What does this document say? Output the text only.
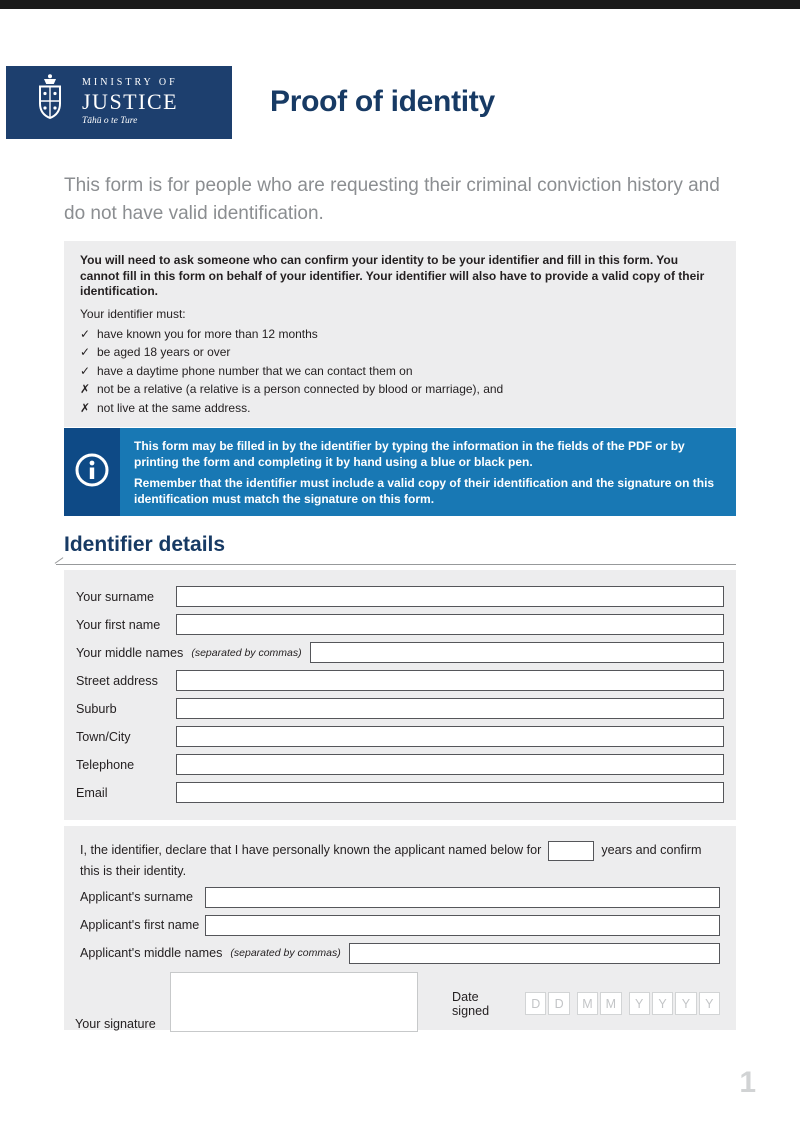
MINISTRY OF
JUSTICE
Tāhū o te Ture
Proof of identity
This form is for people who are requesting their criminal conviction history and do not have valid identification.
You will need to ask someone who can confirm your identity to be your identifier and fill in this form. You cannot fill in this form on behalf of your identifier. Your identifier will also have to provide a valid copy of their identification.
Your identifier must:
✓ have known you for more than 12 months
✓ be aged 18 years or over
✓ have a daytime phone number that we can contact them on
✗ not be a relative (a relative is a person connected by blood or marriage), and
✗ not live at the same address.

This form may be filled in by the identifier by typing the information in the fields of the PDF or by printing the form and completing it by hand using a blue or black pen.

Remember that the identifier must include a valid copy of their identification and the signature on this identification must match the signature on this form.

Identifier details
Your surname
Your first name
Your middle names (separated by commas)
Street address
Suburb
Town/City
Telephone
Email
I, the identifier, declare that I have personally known the applicant named below for	years and confirm this is their identity.
Applicant's surname
Applicant's first name
Applicant's middle names (separated by commas)
Your signature
Date signed	D	D	M	M	Y	Y	Y	Y
1
